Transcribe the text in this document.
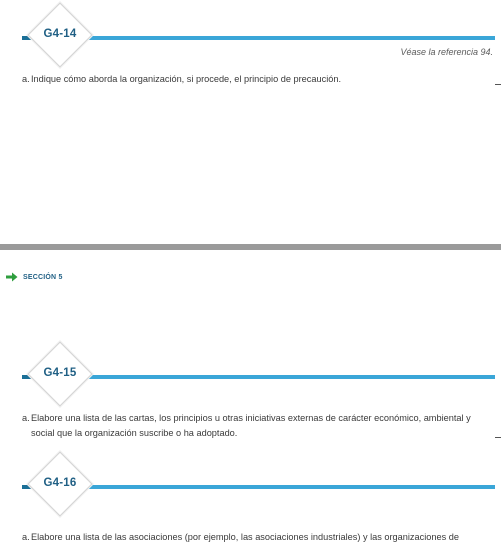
G4-14
Véase la referencia 94.
a.Indique cómo aborda la organización, si procede, el principio de precaución.
SECCIÓN 5
G4-15
a.Elabore una lista de las cartas, los principios u otras iniciativas externas de carácter económico, ambiental y
social que la organización suscribe o ha adoptado.
G4-16
a.Elabore una lista de las asociaciones (por ejemplo, las asociaciones industriales) y las organizaciones de
